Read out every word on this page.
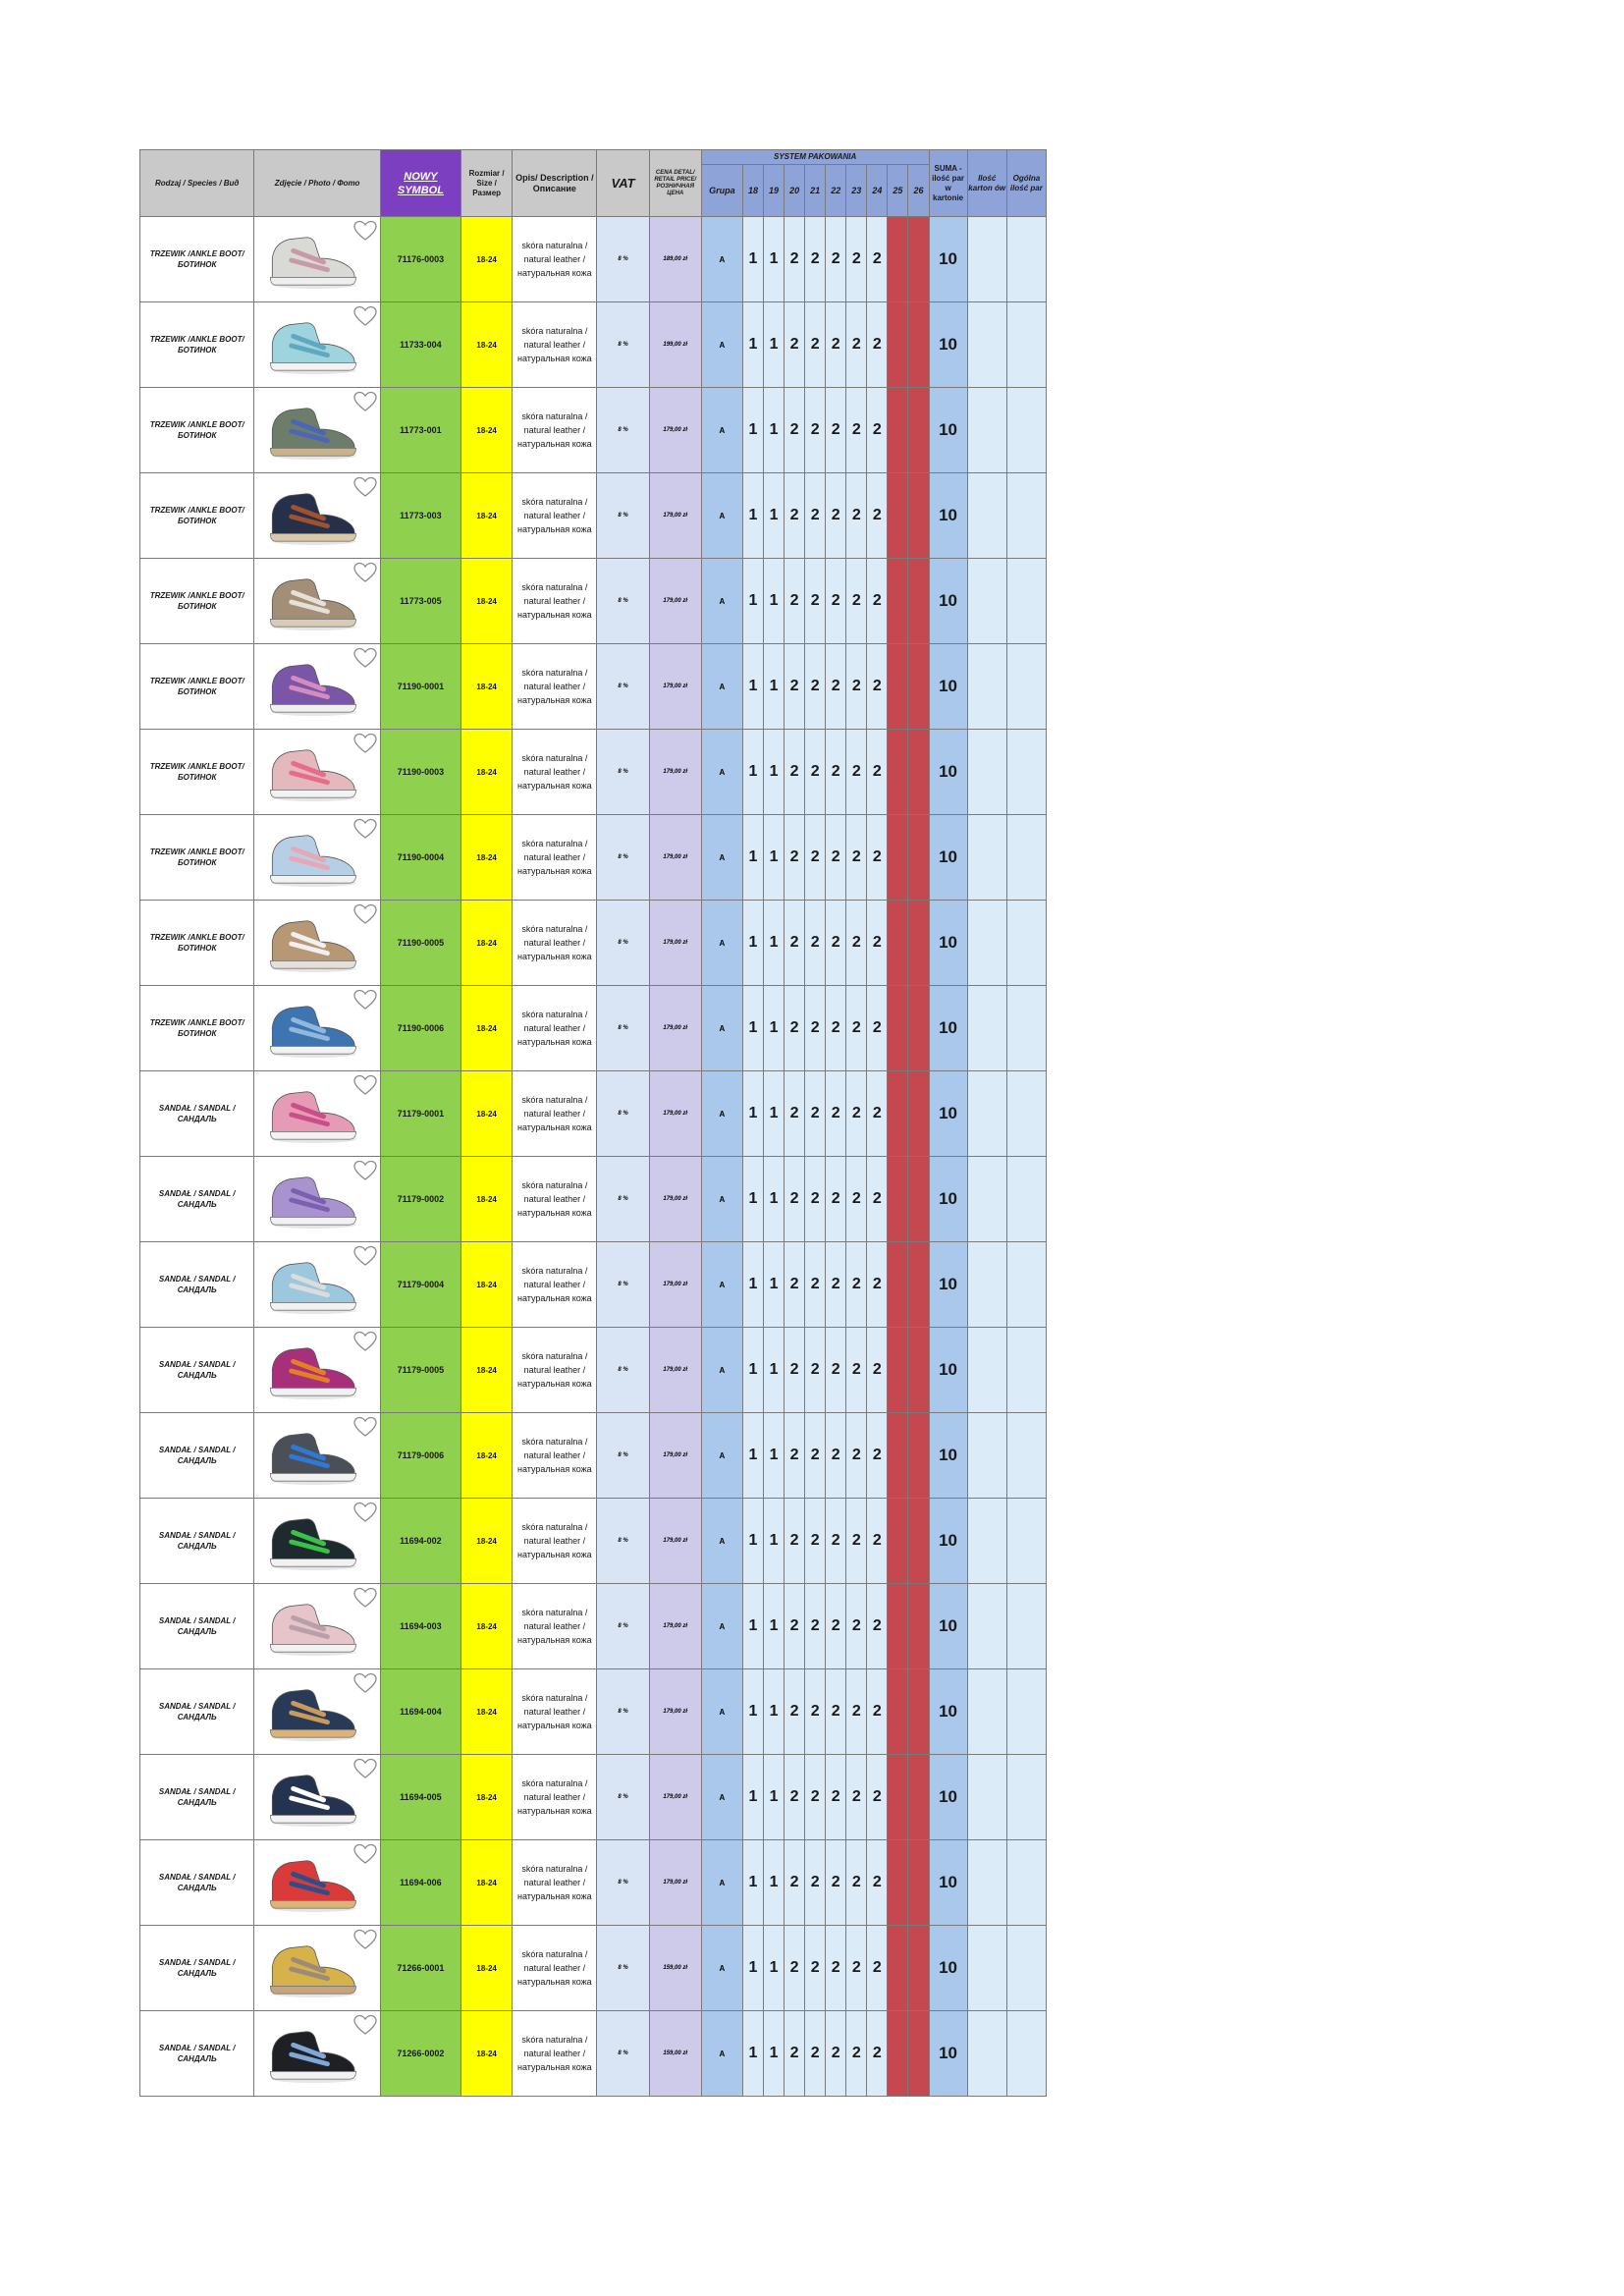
Rodzaj / Species / Вид	Zdjęcie / Photo / Фото	NOWY SYMBOL	Rozmiar / Size / Размер	Opis/ Description / Описание	VAT	CENA DETAL/ RETAIL PRICE/ РОЗНИЧНАЯ ЦЕНА	SYSTEM PAKOWANIA										SUMA - ilość par w kartonie	Ilość karton ów	Ogólna ilość par
							Grupa	18	19	20	21	22	23	24	25	26			
TRZEWIK /ANKLE BOOT/ БОТИНОК		71176-0003	18-24	skóra naturalna / natural leather / натуральная кожа	8 %	189,00 zł	A	1	1	2	2	2	2	2			10		
TRZEWIK /ANKLE BOOT/ БОТИНОК		11733-004	18-24	skóra naturalna / natural leather / натуральная кожа	8 %	199,00 zł	A	1	1	2	2	2	2	2			10		
TRZEWIK /ANKLE BOOT/ БОТИНОК		11773-001	18-24	skóra naturalna / natural leather / натуральная кожа	8 %	179,00 zł	A	1	1	2	2	2	2	2			10		
TRZEWIK /ANKLE BOOT/ БОТИНОК		11773-003	18-24	skóra naturalna / natural leather / натуральная кожа	8 %	179,00 zł	A	1	1	2	2	2	2	2			10		
TRZEWIK /ANKLE BOOT/ БОТИНОК		11773-005	18-24	skóra naturalna / natural leather / натуральная кожа	8 %	179,00 zł	A	1	1	2	2	2	2	2			10		
TRZEWIK /ANKLE BOOT/ БОТИНОК		71190-0001	18-24	skóra naturalna / natural leather / натуральная кожа	8 %	179,00 zł	A	1	1	2	2	2	2	2			10		
TRZEWIK /ANKLE BOOT/ БОТИНОК		71190-0003	18-24	skóra naturalna / natural leather / натуральная кожа	8 %	179,00 zł	A	1	1	2	2	2	2	2			10		
TRZEWIK /ANKLE BOOT/ БОТИНОК		71190-0004	18-24	skóra naturalna / natural leather / натуральная кожа	8 %	179,00 zł	A	1	1	2	2	2	2	2			10		
TRZEWIK /ANKLE BOOT/ БОТИНОК		71190-0005	18-24	skóra naturalna / natural leather / натуральная кожа	8 %	179,00 zł	A	1	1	2	2	2	2	2			10		
TRZEWIK /ANKLE BOOT/ БОТИНОК		71190-0006	18-24	skóra naturalna / natural leather / натуральная кожа	8 %	179,00 zł	A	1	1	2	2	2	2	2			10		
SANDAŁ / SANDAL / САНДАЛЬ		71179-0001	18-24	skóra naturalna / natural leather / натуральная кожа	8 %	179,00 zł	A	1	1	2	2	2	2	2			10		
SANDAŁ / SANDAL / САНДАЛЬ		71179-0002	18-24	skóra naturalna / natural leather / натуральная кожа	8 %	179,00 zł	A	1	1	2	2	2	2	2			10		
SANDAŁ / SANDAL / САНДАЛЬ		71179-0004	18-24	skóra naturalna / natural leather / натуральная кожа	8 %	179,00 zł	A	1	1	2	2	2	2	2			10		
SANDAŁ / SANDAL / САНДАЛЬ		71179-0005	18-24	skóra naturalna / natural leather / натуральная кожа	8 %	179,00 zł	A	1	1	2	2	2	2	2			10		
SANDAŁ / SANDAL / САНДАЛЬ		71179-0006	18-24	skóra naturalna / natural leather / натуральная кожа	8 %	179,00 zł	A	1	1	2	2	2	2	2			10		
SANDAŁ / SANDAL / САНДАЛЬ		11694-002	18-24	skóra naturalna / natural leather / натуральная кожа	8 %	179,00 zł	A	1	1	2	2	2	2	2			10		
SANDAŁ / SANDAL / САНДАЛЬ		11694-003	18-24	skóra naturalna / natural leather / натуральная кожа	8 %	179,00 zł	A	1	1	2	2	2	2	2			10		
SANDAŁ / SANDAL / САНДАЛЬ		11694-004	18-24	skóra naturalna / natural leather / натуральная кожа	8 %	179,00 zł	A	1	1	2	2	2	2	2			10		
SANDAŁ / SANDAL / САНДАЛЬ		11694-005	18-24	skóra naturalna / natural leather / натуральная кожа	8 %	179,00 zł	A	1	1	2	2	2	2	2			10		
SANDAŁ / SANDAL / САНДАЛЬ		11694-006	18-24	skóra naturalna / natural leather / натуральная кожа	8 %	179,00 zł	A	1	1	2	2	2	2	2			10		
SANDAŁ / SANDAL / САНДАЛЬ		71266-0001	18-24	skóra naturalna / natural leather / натуральная кожа	8 %	159,00 zł	A	1	1	2	2	2	2	2			10		
SANDAŁ / SANDAL / САНДАЛЬ		71266-0002	18-24	skóra naturalna / natural leather / натуральная кожа	8 %	159,00 zł	A	1	1	2	2	2	2	2			10		
